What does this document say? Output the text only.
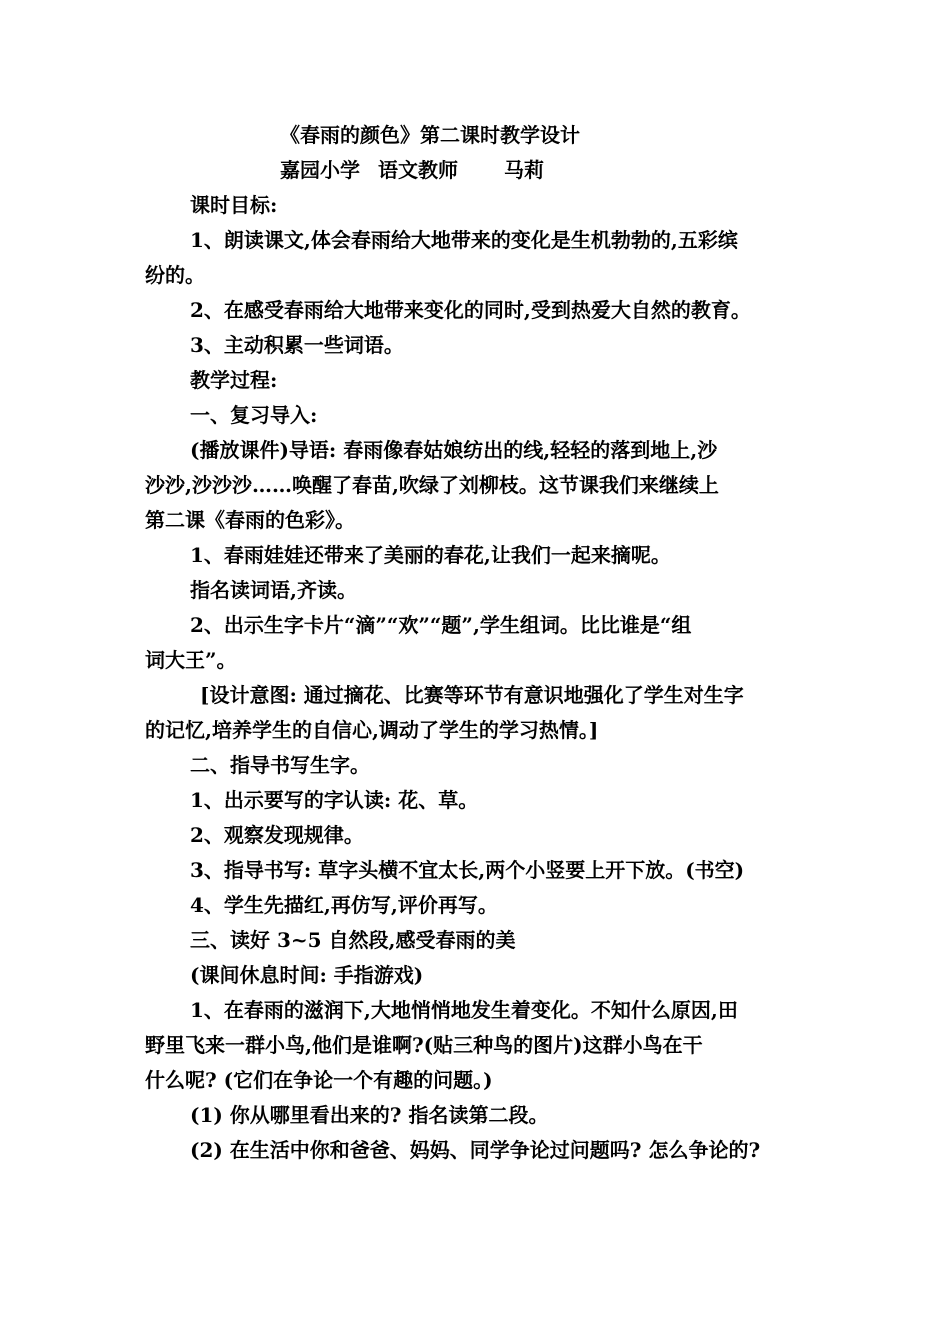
《春雨的颜色》第二课时教学设计
嘉园小学 语文教师 马莉
课时目标:
1、朗读课文,体会春雨给大地带来的变化是生机勃勃的,五彩缤
纷的。
2、在感受春雨给大地带来变化的同时,受到热爱大自然的教育。
3、主动积累一些词语。
教学过程:
一、复习导入:
(播放课件)导语: 春雨像春姑娘纺出的线,轻轻的落到地上,沙
沙沙,沙沙沙……唤醒了春苗,吹绿了刘柳枝。这节课我们来继续上
第二课《春雨的色彩》。
1、春雨娃娃还带来了美丽的春花,让我们一起来摘呢。
指名读词语,齐读。
2、出示生字卡片“滴”“欢”“题”,学生组词。比比谁是“组
词大王”。
[设计意图: 通过摘花、比赛等环节有意识地强化了学生对生字
的记忆,培养学生的自信心,调动了学生的学习热情。]
二、指导书写生字。
1、出示要写的字认读: 花、草。
2、观察发现规律。
3、指导书写: 草字头横不宜太长,两个小竖要上开下放。(书空)
4、学生先描红,再仿写,评价再写。
三、读好 3~5 自然段,感受春雨的美
(课间休息时间: 手指游戏)
1、在春雨的滋润下,大地悄悄地发生着变化。不知什么原因,田
野里飞来一群小鸟,他们是谁啊?(贴三种鸟的图片)这群小鸟在干
什么呢? (它们在争论一个有趣的问题。)
(1) 你从哪里看出来的? 指名读第二段。
(2) 在生活中你和爸爸、妈妈、同学争论过问题吗? 怎么争论的?
